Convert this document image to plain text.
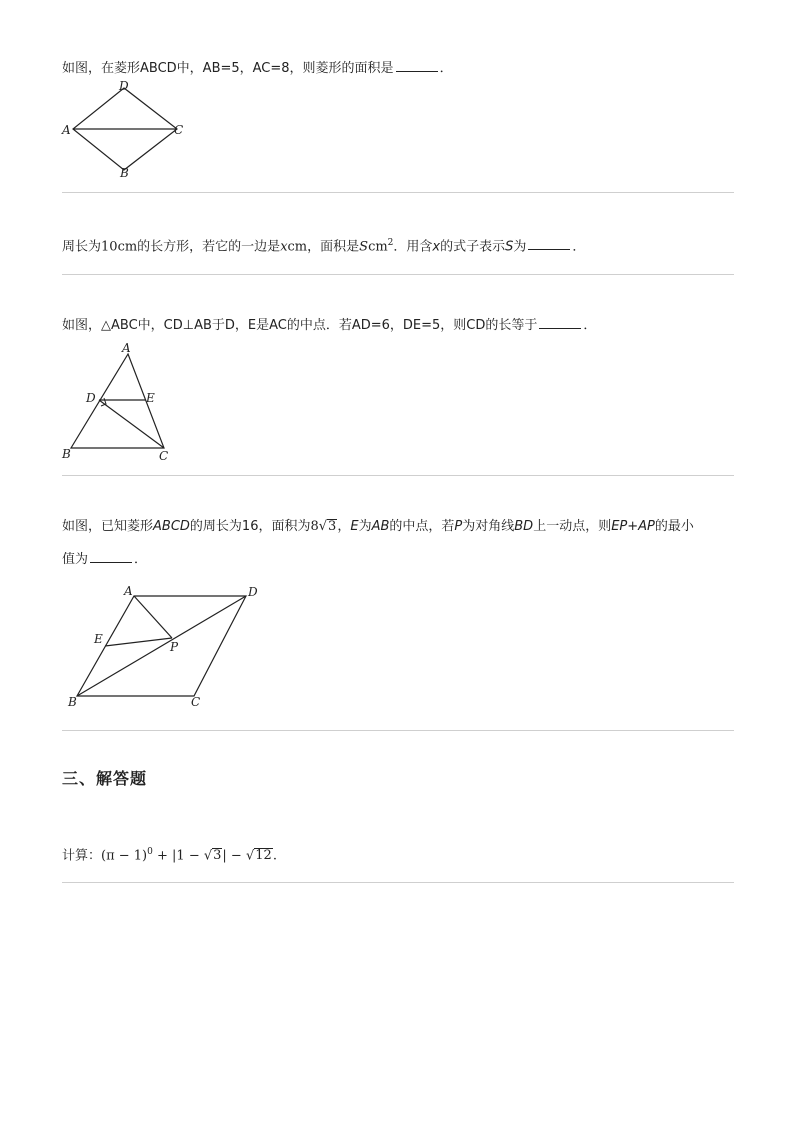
如图，在菱形ABCD中，AB=5，AC=8，则菱形的面积是	．
D
A	C
B
周长为10cm的长方形，若它的一边是xcm，面积是Scm$^2$．用含x的式子表示S为	．
如图，△ABC中，CD⊥AB于D，E是AC的中点．若AD=6，DE=5，则CD的长等于	．
A
D	E
B	C
如图，已知菱形ABCD的周长为16，面积为8√3，E为AB的中点，若P为对角线BD上一动点，则EP+AP的最小
值为	．
A	D
E
P
B	C
三、解答题
计算：$(\pi - 1)^0 + |1 - √3| - √12$.
